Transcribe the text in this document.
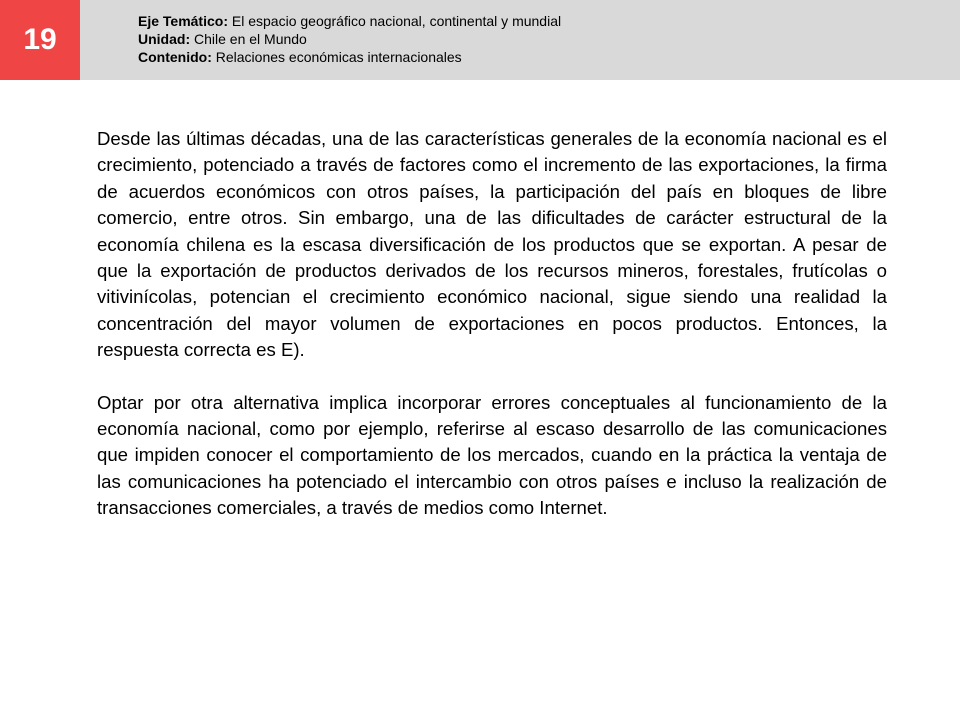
19
Eje Temático: El espacio geográfico nacional, continental y mundial
Unidad: Chile en el Mundo
Contenido: Relaciones económicas internacionales

Desde las últimas décadas, una de las características generales de la economía nacional es el crecimiento, potenciado a través de factores como el incremento de las exportaciones, la firma de acuerdos económicos con otros países, la participación del país en bloques de libre comercio, entre otros. Sin embargo, una de las dificultades de carácter estructural de la economía chilena es la escasa diversificación de los productos que se exportan. A pesar de que la exportación de productos derivados de los recursos mineros, forestales, frutícolas o vitivinícolas, potencian el crecimiento económico nacional, sigue siendo una realidad la concentración del mayor volumen de exportaciones en pocos productos. Entonces, la respuesta correcta es E).

Optar por otra alternativa implica incorporar errores conceptuales al funcionamiento de la economía nacional, como por ejemplo, referirse al escaso desarrollo de las comunicaciones que impiden conocer el comportamiento de los mercados, cuando en la práctica la ventaja de las comunicaciones ha potenciado el intercambio con otros países e incluso la realización de transacciones comerciales, a través de medios como Internet.
